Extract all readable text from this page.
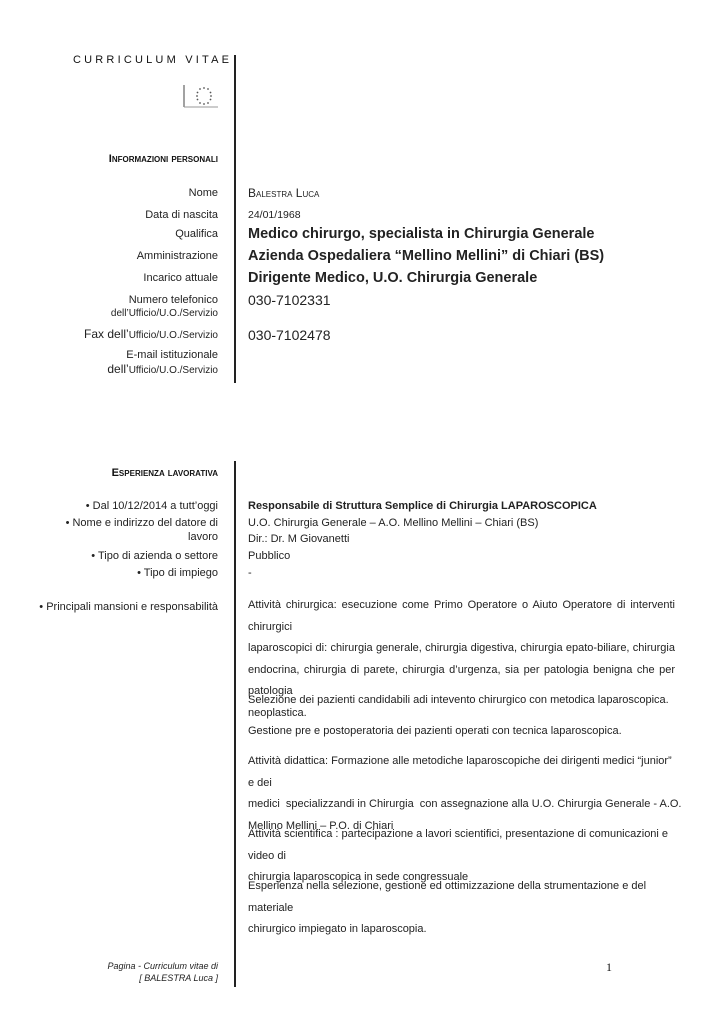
CURRICULUM VITAE
Informazioni personali
Nome	Balestra Luca
Data di nascita	24/01/1968
Qualifica Medico chirurgo, specialista in Chirurgia Generale
Amministrazione Azienda Ospedaliera “Mellino Mellini” di Chiari (BS)
Incarico attuale Dirigente Medico, U.O. Chirurgia Generale
Numero telefonico
dell’Ufficio/U.O./Servizio
030-7102331
Fax dell’Ufficio/U.O./Servizio 030-7102478
E-mail istituzionale
dell’Ufficio/U.O./Servizio
Esperienza lavorativa
• Dal 10/12/2014 a tutt’oggi	Responsabile di Struttura Semplice di Chirurgia LAPAROSCOPICA
• Nome e indirizzo del datore di
lavoro
U.O. Chirurgia Generale – A.O. Mellino Mellini – Chiari (BS)
Dir.: Dr. M Giovanetti
• Tipo di azienda o settore	Pubblico
• Tipo di impiego	-
• Principali mansioni e responsabilità	Attività chirurgica: esecuzione come Primo Operatore o Aiuto Operatore di interventi chirurgici
laparoscopici di: chirurgia generale, chirurgia digestiva, chirurgia epato-biliare, chirurgia
endocrina, chirurgia di parete, chirurgia d’urgenza, sia per patologia benigna che per patologia
neoplastica.
Selezione dei pazienti candidabili adi intevento chirurgico con metodica laparoscopica.
Gestione pre e postoperatoria dei pazienti operati con tecnica laparoscopica.
Attività didattica: Formazione alle metodiche laparoscopiche dei dirigenti medici “junior” e dei
medici  specializzandi in Chirurgia  con assegnazione alla U.O. Chirurgia Generale - A.O.
Mellino Mellini – P.O. di Chiari
Attività scientifica : partecipazione a lavori scientifici, presentazione di comunicazioni e video di
chirurgia laparoscopica in sede congressuale
Esperienza nella selezione, gestione ed ottimizzazione della strumentazione e del materiale
chirurgico impiegato in laparoscopia.
Pagina - Curriculum vitae di
[ BALESTRA Luca ]
1
